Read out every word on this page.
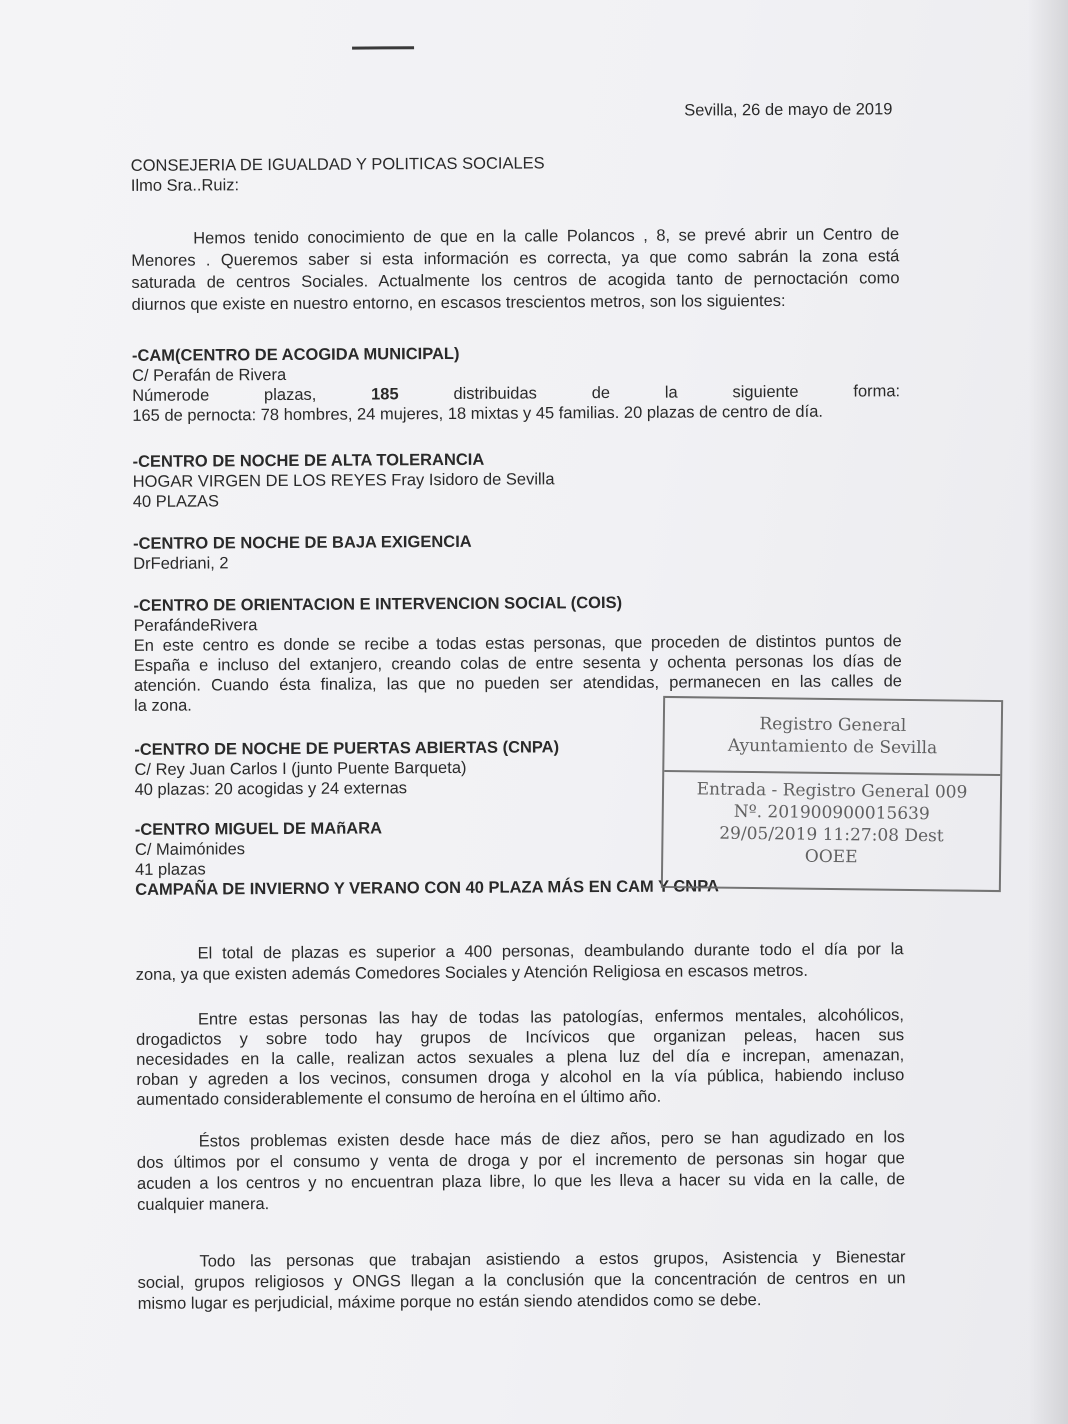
Sevilla, 26 de mayo de 2019
CONSEJERIA DE IGUALDAD Y POLITICAS SOCIALES
Ilmo Sra..Ruiz:
Hemos tenido conocimiento de que en la calle Polancos , 8, se prevé abrir un Centro de
Menores . Queremos saber si esta información es correcta, ya que como sabrán la zona está
saturada de centros Sociales. Actualmente los centros de acogida tanto de pernoctación como
diurnos que existe en nuestro entorno, en escasos trescientos metros, son los siguientes:
-CAM(CENTRO DE ACOGIDA MUNICIPAL)
C/ Perafán de Rivera
Númerode	plazas,	185	distribuidas	de	la	siguiente	forma:
165 de pernocta: 78 hombres, 24 mujeres, 18 mixtas y 45 familias. 20 plazas de centro de día.
-CENTRO DE NOCHE DE ALTA TOLERANCIA
HOGAR VIRGEN DE LOS REYES Fray Isidoro de Sevilla
40 PLAZAS
-CENTRO DE NOCHE DE BAJA EXIGENCIA
DrFedriani, 2
-CENTRO DE ORIENTACION E INTERVENCION SOCIAL (COIS)
PerafándeRivera
En este centro es donde se recibe a todas estas personas, que proceden de distintos puntos de
España e incluso del extanjero, creando colas de entre sesenta y ochenta personas los días de
atención. Cuando ésta finaliza, las que no pueden ser atendidas, permanecen en las calles de
la zona.
-CENTRO DE NOCHE DE PUERTAS ABIERTAS (CNPA)
C/ Rey Juan Carlos I (junto Puente Barqueta)
40 plazas: 20 acogidas y 24 externas
-CENTRO MIGUEL DE MAñARA
C/ Maimónides
41 plazas
CAMPAÑA DE INVIERNO Y VERANO CON 40 PLAZA MÁS EN CAM Y CNPA
El total de plazas es superior a 400 personas, deambulando durante todo el día por la
zona, ya que existen además Comedores Sociales y Atención Religiosa en escasos metros.
Entre estas personas las hay de todas las patologías, enfermos mentales, alcohólicos,
drogadictos y sobre todo hay grupos de Incívicos que organizan peleas, hacen sus
necesidades en la calle, realizan actos sexuales a plena luz del día e increpan, amenazan,
roban y agreden a los vecinos, consumen droga y alcohol en la vía pública, habiendo incluso
aumentado considerablemente el consumo de heroína en el último año.
Éstos problemas existen desde hace más de diez años, pero se han agudizado en los
dos últimos por el consumo y venta de droga y por el incremento de personas sin hogar que
acuden a los centros y no encuentran plaza libre, lo que les lleva a hacer su vida en la calle, de
cualquier manera.
Todo las personas que trabajan asistiendo a estos grupos, Asistencia y Bienestar
social, grupos religiosos y ONGS llegan a la conclusión que la concentración de centros en un
mismo lugar es perjudicial, máxime porque no están siendo atendidos como se debe.
Registro General
Ayuntamiento de Sevilla
Entrada - Registro General 009
Nº. 201900900015639
29/05/2019 11:27:08 Dest
OOEE
